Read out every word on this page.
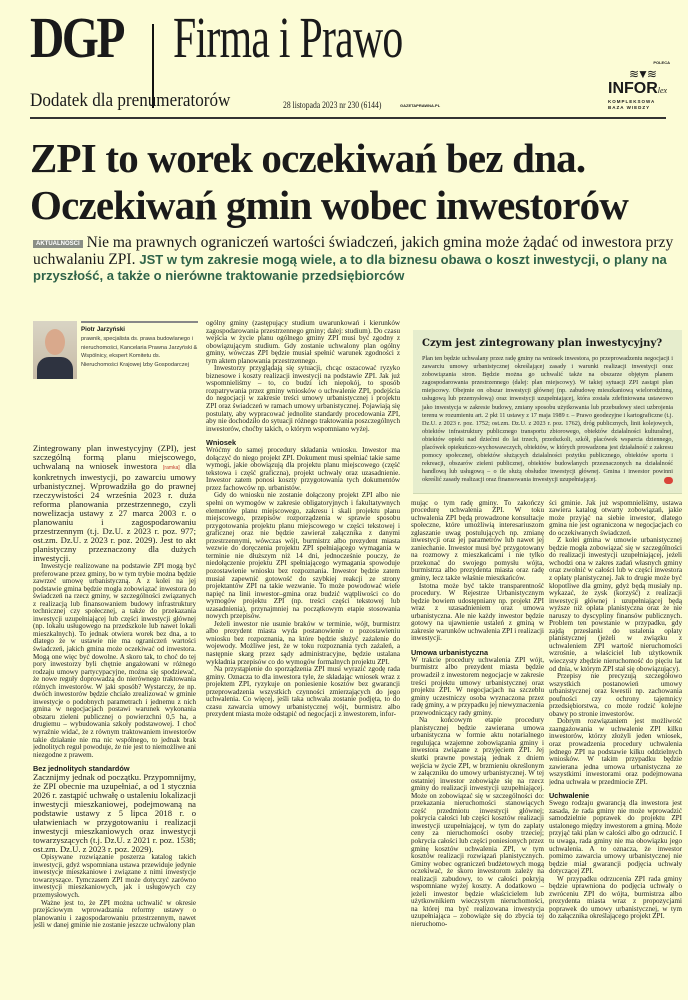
DGP Firma i Prawo
Dodatek dla prenumeratorów	28 listopada 2023 nr 230 (6144)	GAZETAPRAWNA.PL
POLECA
≋▼≋
INFORlex
KOMPLEKSOWA
BAZA WIEDZY
ZPI to worek oczekiwań bez dna.
Oczekiwań gmin wobec inwestorów
AKTUALNOŚCI Nie ma prawnych ograniczeń wartości świadczeń, jakich gmina może żądać od inwestora przy uchwalaniu ZPI. JST w tym zakresie mogą wiele, a to dla biznesu obawa o koszt inwestycji, o plany na przyszłość, a także o nierówne traktowanie przedsiębiorców
Piotr Jarzyński
prawnik, specjalista ds. prawa budowlanego i nieruchomości, Kancelaria Prawna Jarzyński & Wspólnicy, ekspert Komitetu ds. Nieruchomości Krajowej Izby Gospodarczej

Zintegrowany plan inwestycyjny (ZPI), jest szczególną formą planu miejscowego, uchwalaną na wniosek inwestora [ramka] dla konkretnych inwestycji, po zawarciu umowy urbanistycznej. Wprowadziła go do prawnej rzeczywistości 24 września 2023 r. duża reforma planowania przestrzennego, czyli nowelizacja ustawy z 27 marca 2003 r. o planowaniu i zagospodarowaniu przestrzennym (t.j. Dz.U. z 2023 r. poz. 977; ost.zm. Dz.U. z 2023 r. poz. 2029). Jest to akt planistyczny przeznaczony dla dużych inwestycji.

Inwestycje realizowane na podstawie ZPI mogą być preferowane przez gminy, bo w tym trybie można będzie zawrzeć umowę urbanistyczną. A z kolei na jej podstawie gmina będzie mogła zobowiązać inwestora do świadczeń na rzecz gminy, w szczególności związanych z realizacją lub finansowaniem budowy infrastruktury technicznej czy społecznej, a także do przekazania inwestycji uzupełniającej lub części inwestycji głównej (np. lokalu usługowego na przedszkole lub nawet lokali mieszkalnych). To jednak otwiera worek bez dna, a to dlatego że w ustawie nie ma ograniczeń wartości świadczeń, jakich gmina może oczekiwać od inwestora. Mogą one więc być dowolne. A skoro tak, to choć do tej pory inwestorzy byli chętnie angażowani w różnego rodzaju umowy partycypacyjne, można się spodziewać, że nowe reguły doprowadzą do nierównego traktowania różnych inwestorów. W jaki sposób? Wystarczy, że np. dwóch inwestorów będzie chciało zrealizować w gminie inwestycje o podobnych parametrach i jednemu z nich gmina w negocjacjach postawi warunek wykonania obszaru zieleni publicznej o powierzchni 0,5 ha, a drugiemu – wybudowania szkoły podstawowej. I choć wyraźnie widać, że z równym traktowaniem inwestorów takie działanie nie ma nic wspólnego, to jednak brak jednolitych reguł powoduje, że nie jest to niemożliwe ani niezgodne z prawem.

Bez jednolitych standardów

Zacznijmy jednak od początku. Przypomnijmy, że ZPI obecnie ma uzupełniać, a od 1 stycznia 2026 r. zastąpić uchwałę o ustaleniu lokalizacji inwestycji mieszkaniowej, podejmowaną na podstawie ustawy z 5 lipca 2018 r. o ułatwieniach w przygotowaniu i realizacji inwestycji mieszkaniowych oraz inwestycji towarzyszących (t.j. Dz.U. z 2021 r. poz. 1538; ost.zm. Dz.U. z 2023 r. poz. 2029).

Opisywane rozwiązanie poszerza katalog takich inwestycji, gdyż wspomniana ustawa przewiduje jedynie inwestycje mieszkaniowe i związane z nimi inwestycje towarzyszące. Tymczasem ZPI może dotyczyć zarówno inwestycji mieszkaniowych, jak i usługowych czy przemysłowych.

Ważne jest to, że ZPI można uchwalić w okresie przejściowym wprowadzania reformy ustawy o planowaniu i zagospodarowaniu przestrzennym, nawet jeśli w danej gminie nie zostanie jeszcze uchwalony plan

ogólny gminy (zastępujący studium uwarunkowań i kierunków zagospodarowania przestrzennego gminy; dalej: studium). Do czasu wejścia w życie planu ogólnego gminy ZPI musi być zgodny z obowiązującym studium. Gdy zostanie uchwalony plan ogólny gminy, wówczas ZPI będzie musiał spełnić warunek zgodności z tym aktem planowania przestrzennego.

Inwestorzy przyglądają się sytuacji, chcąc oszacować ryzyko biznesowe i koszty realizacji inwestycji na podstawie ZPI. Jak już wspomnieliśmy – to, co budzi ich niepokój, to sposób rozpatrywania przez gminy wniosków o uchwalenie ZPI, podejścia do negocjacji w zakresie treści umowy urbanistycznej i projektu ZPI oraz świadczeń w ramach umowy urbanistycznej. Pojawiają się postulaty, aby wypracować jednolite standardy procedowania ZPI, aby nie dochodziło do sytuacji różnego traktowania poszczególnych inwestorów, choćby takich, o którym wspomniano wyżej.

Wniosek

Wróćmy do samej procedury składania wniosku. Inwestor ma dołączyć do niego projekt ZPI. Dokument musi spełniać takie same wymogi, jakie obowiązują dla projektu planu miejscowego (część tekstowa i część graficzna), projekt uchwały oraz uzasadnienie. Inwestor zatem ponosi koszty przygotowania tych dokumentów przez fachowców np. urbanistów.

Gdy do wniosku nie zostanie dołączony projekt ZPI albo nie spełni on wymogów w zakresie obligatoryjnych i fakultatywnych elementów planu miejscowego, zakresu i skali projektu planu miejscowego, przepisów rozporządzenia w sprawie sposobu przygotowania projektu planu miejscowego w części tekstowej i graficznej oraz nie będzie zawierał załącznika z danymi przestrzennymi, wówczas wójt, burmistrz albo prezydent miasta wezwie do doręczenia projektu ZPI spełniającego wymagania w terminie nie dłuższym niż 14 dni, jednocześnie pouczy, że niedołączenie projektu ZPI spełniającego wymagania spowoduje pozostawienie wniosku bez rozpoznania. Inwestor będzie zatem musiał zapewnić gotowość do szybkiej reakcji ze strony projektantów ZPI na takie wezwanie. To może powodować wiele napięć na linii inwestor–gmina oraz budzić wątpliwości co do wymogów projektu ZPI (np. treści części tekstowej lub uzasadnienia), przynajmniej na początkowym etapie stosowania nowych przepisów.

Jeżeli inwestor nie usunie braków w terminie, wójt, burmistrz albo prezydent miasta wyda postanowienie o pozostawieniu wniosku bez rozpoznania, na które będzie służyć zażalenie do wojewody. Możliwe jest, że w toku rozpoznania tych zażaleń, a następnie skarg przez sądy administracyjne, będzie ustalana wykładnia przepisów co do wymogów formalnych projektu ZPI.

Na przystąpienie do sporządzenia ZPI musi wyrazić zgodę rada gminy. Oznacza to dla inwestora tyle, że składając wniosek wraz z projektem ZPI, ryzykuje on poniesienie kosztów bez gwarancji przeprowadzenia wszystkich czynności zmierzających do jego uchwalenia. Co więcej, jeśli taka uchwała zostanie podjęta, to do czasu zawarcia umowy urbanistycznej wójt, burmistrz albo prezydent miasta może odstąpić od negocjacji z inwestorem, infor-

Czym jest zintegrowany plan inwestycyjny?

Plan ten będzie uchwalany przez radę gminy na wniosek inwestora, po przeprowadzeniu negocjacji i zawarciu umowy urbanistycznej określającej zasady i warunki realizacji inwestycji oraz zobowiązania stron. Będzie można go uchwalić także na obszarze objętym planem zagospodarowania przestrzennego (dalej: plan miejscowy). W takiej sytuacji ZPI zastąpi plan miejscowy. Obejmie on obszar inwestycji głównej (np. zabudowę mieszkaniową wielorodzinną, usługową lub przemysłową) oraz inwestycji uzupełniającej, która została zdefiniowana ustawowo jako inwestycja w zakresie budowy, zmiany sposobu użytkowania lub przebudowy sieci uzbrojenia terenu w rozumieniu art. 2 pkt 11 ustawy z 17 maja 1989 r. – Prawo geodezyjne i kartograficzne (t.j. Dz.U. z 2023 r. poz. 1752; ost.zm. Dz.U. z 2023 r. poz. 1762), dróg publicznych, linii kolejowych, obiektów infrastruktury publicznego transportu zbiorowego, obiektów działalności kulturalnej, obiektów opieki nad dziećmi do lat trzech, przedszkoli, szkół, placówek wsparcia dziennego, placówek opiekuńczo-wychowawczych, obiektów, w których prowadzona jest działalność z zakresu pomocy społecznej, obiektów służących działalności pożytku publicznego, obiektów sportu i rekreacji, obszarów zieleni publicznej, obiektów budowlanych przeznaczonych na działalność handlową lub usługową – o ile służą obsłudze inwestycji głównej. Gmina i inwestor powinni określić zasady realizacji oraz finansowania inwestycji uzupełniającej.

mując o tym radę gminy. To zakończy procedurę uchwalenia ZPI. W toku uchwalenia ZPI będą prowadzone konsultacje społeczne, które umożliwią interesariuszom zgłaszanie uwag postulujących np. zmianę inwestycji oraz jej parametrów lub nawet jej zaniechanie. Inwestor musi być przygotowany na rozmowy z mieszkańcami i nie tylko przekonać do swojego pomysłu wójta, burmistrza albo prezydenta miasta oraz radę gminy, lecz także właśnie mieszkańców.

Istotna może być także transparentność procedury. W Rejestrze Urbanistycznym będzie bowiem udostępniany np. projekt ZPI wraz z uzasadnieniem oraz umowa urbanistyczna. Ale nie każdy inwestor będzie gotowy na ujawnienie ustaleń z gminą w zakresie warunków uchwalenia ZPI i realizacji inwestycji.

Umowa urbanistyczna

W trakcie procedury uchwalenia ZPI wójt, burmistrz albo prezydent miasta będzie prowadził z inwestorem negocjacje w zakresie treści projektu umowy urbanistycznej oraz projektu ZPI. W negocjacjach na szczeblu gminy uczestniczy osoba wyznaczona przez radę gminy, a w przypadku jej niewyznaczenia przewodniczący rady gminy.

Na końcowym etapie procedury planistycznej będzie zawierana umowa urbanistyczna w formie aktu notarialnego regulująca wzajemne zobowiązania gminy i inwestora związane z przyjęciem ZPI. Jej skutki prawne powstają jednak z dniem wejścia w życie ZPI, w brzmieniu określonym w załączniku do umowy urbanistycznej. W tej ostatniej inwestor zobowiąże się na rzecz gminy do realizacji inwestycji uzupełniającej. Może on zobowiązać się w szczególności do: przekazania nieruchomości stanowiących część przedmiotu inwestycji głównej; pokrycia całości lub części kosztów realizacji inwestycji uzupełniającej, w tym do zapłaty ceny za nieruchomości osoby trzeciej; pokrycia całości lub części poniesionych przez gminę kosztów uchwalenia ZPI, w tym kosztów realizacji rozwiązań planistycznych. Gminy wobec ograniczeń budżetowych mogą oczekiwać, że skoro inwestorom zależy na realizacji zabudowy, to w całości pokryją wspomniane wyżej koszty. A dodatkowo – jeżeli inwestor będzie właścicielem lub użytkownikiem wieczystym nieruchomości, na której ma być realizowana inwestycja uzupełniająca – zobowiąże się do zbycia tej nieruchomo-

ści gminie. Jak już wspomnieliśmy, ustawa zawiera katalog otwarty zobowiązań, jakie może przyjąć na siebie inwestor, dlatego gmina nie jest ograniczona w negocjacjach co do oczekiwanych świadczeń.

Z kolei gmina w umowie urbanistycznej będzie mogła zobowiązać się w szczególności do realizacji inwestycji uzupełniającej, jeżeli wchodzi ona w zakres zadań własnych gminy oraz zwolnić w całości lub w części inwestora z opłaty planistycznej. Jak to drugie może być kłopotliwe dla gminy, gdyż będą musiały np. wykazać, że zysk (korzyść) z realizacji inwestycji głównej i uzupełniającej będą wyższe niż opłata planistyczna oraz że nie naruszy to dyscypliny finansów publicznych. Problem ten powstanie w przypadku, gdy zajdą przesłanki do ustalenia opłaty planistycznej (jeżeli w związku z uchwaleniem ZPI wartość nieruchomości wzrośnie, a właściciel lub użytkownik wieczysty zbędzie nieruchomość do pięciu lat od dnia, w którym ZPI stał się obowiązujący).

Przepisy nie precyzują szczegółowo wszystkich postanowień umowy urbanistycznej oraz kwestii np. zachowania poufności czy ochrony tajemnicy przedsiębiorstwa, co może rodzić kolejne obawy po stronie inwestorów.

Dobrym rozwiązaniem jest możliwość zaangażowania w uchwalenie ZPI kilku inwestorów, którzy złożyli jeden wniosek, oraz prowadzenia procedury uchwalenia jednego ZPI na podstawie kilku oddzielnych wniosków. W takim przypadku będzie zawierana jedna umowa urbanistyczna ze wszystkimi inwestorami oraz podejmowana jedna uchwała w przedmiocie ZPI.

Uchwalenie

Swego rodzaju gwarancją dla inwestora jest zasada, że rada gminy nie może wprowadzić samodzielnie poprawek do projektu ZPI ustalonego między inwestorem a gminą. Może przyjąć taki plan w całości albo go odrzucić. I tu uwaga, rada gminy nie ma obowiązku jego uchwalenia. A to oznacza, że inwestor pomimo zawarcia umowy urbanistycznej nie będzie miał gwarancji podjęcia uchwały dotyczącej ZPI.

W przypadku odrzucenia ZPI rada gminy będzie uprawniona do podjęcia uchwały o zwróceniu ZPI do wójta, burmistrza albo prezydenta miasta wraz z propozycjami poprawek do umowy urbanistycznej, w tym do załącznika określającego projekt ZPI.
